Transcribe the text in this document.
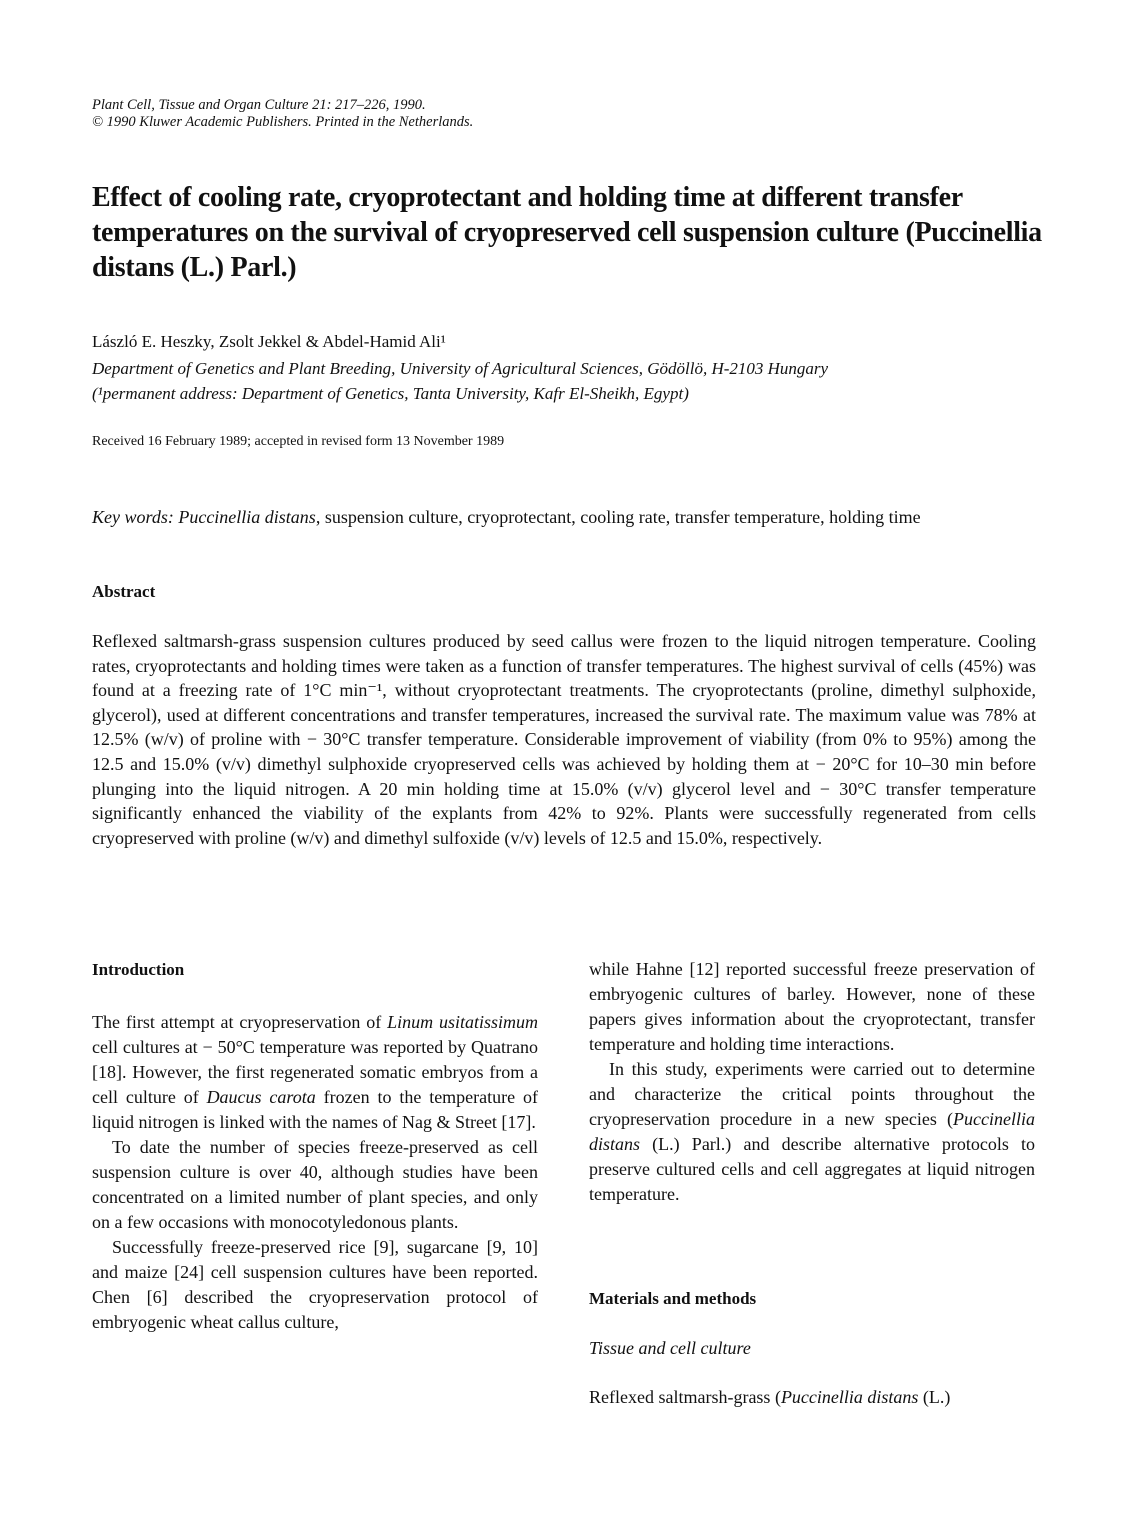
Plant Cell, Tissue and Organ Culture 21: 217–226, 1990.
© 1990 Kluwer Academic Publishers. Printed in the Netherlands.
Effect of cooling rate, cryoprotectant and holding time at different transfer temperatures on the survival of cryopreserved cell suspension culture (Puccinellia distans (L.) Parl.)
László E. Heszky, Zsolt Jekkel & Abdel-Hamid Ali¹
Department of Genetics and Plant Breeding, University of Agricultural Sciences, Gödöllö, H-2103 Hungary
(¹permanent address: Department of Genetics, Tanta University, Kafr El-Sheikh, Egypt)
Received 16 February 1989; accepted in revised form 13 November 1989
Key words: Puccinellia distans, suspension culture, cryoprotectant, cooling rate, transfer temperature, holding time
Abstract
Reflexed saltmarsh-grass suspension cultures produced by seed callus were frozen to the liquid nitrogen temperature. Cooling rates, cryoprotectants and holding times were taken as a function of transfer temperatures. The highest survival of cells (45%) was found at a freezing rate of 1°C min⁻¹, without cryoprotectant treatments. The cryoprotectants (proline, dimethyl sulphoxide, glycerol), used at different concentrations and transfer temperatures, increased the survival rate. The maximum value was 78% at 12.5% (w/v) of proline with − 30°C transfer temperature. Considerable improvement of viability (from 0% to 95%) among the 12.5 and 15.0% (v/v) dimethyl sulphoxide cryopreserved cells was achieved by holding them at − 20°C for 10–30 min before plunging into the liquid nitrogen. A 20 min holding time at 15.0% (v/v) glycerol level and − 30°C transfer temperature significantly enhanced the viability of the explants from 42% to 92%. Plants were successfully regenerated from cells cryopreserved with proline (w/v) and dimethyl sulfoxide (v/v) levels of 12.5 and 15.0%, respectively.
Introduction

The first attempt at cryopreservation of Linum usitatissimum cell cultures at − 50°C temperature was reported by Quatrano [18]. However, the first regenerated somatic embryos from a cell culture of Daucus carota frozen to the temperature of liquid nitrogen is linked with the names of Nag & Street [17].

To date the number of species freeze-preserved as cell suspension culture is over 40, although studies have been concentrated on a limited number of plant species, and only on a few occasions with monocotyledonous plants.

Successfully freeze-preserved rice [9], sugarcane [9, 10] and maize [24] cell suspension cultures have been reported. Chen [6] described the cryopreservation protocol of embryogenic wheat callus culture,

while Hahne [12] reported successful freeze preservation of embryogenic cultures of barley. However, none of these papers gives information about the cryoprotectant, transfer temperature and holding time interactions.

In this study, experiments were carried out to determine and characterize the critical points throughout the cryopreservation procedure in a new species (Puccinellia distans (L.) Parl.) and describe alternative protocols to preserve cultured cells and cell aggregates at liquid nitrogen temperature.

Materials and methods
Tissue and cell culture
Reflexed saltmarsh-grass (Puccinellia distans (L.)
